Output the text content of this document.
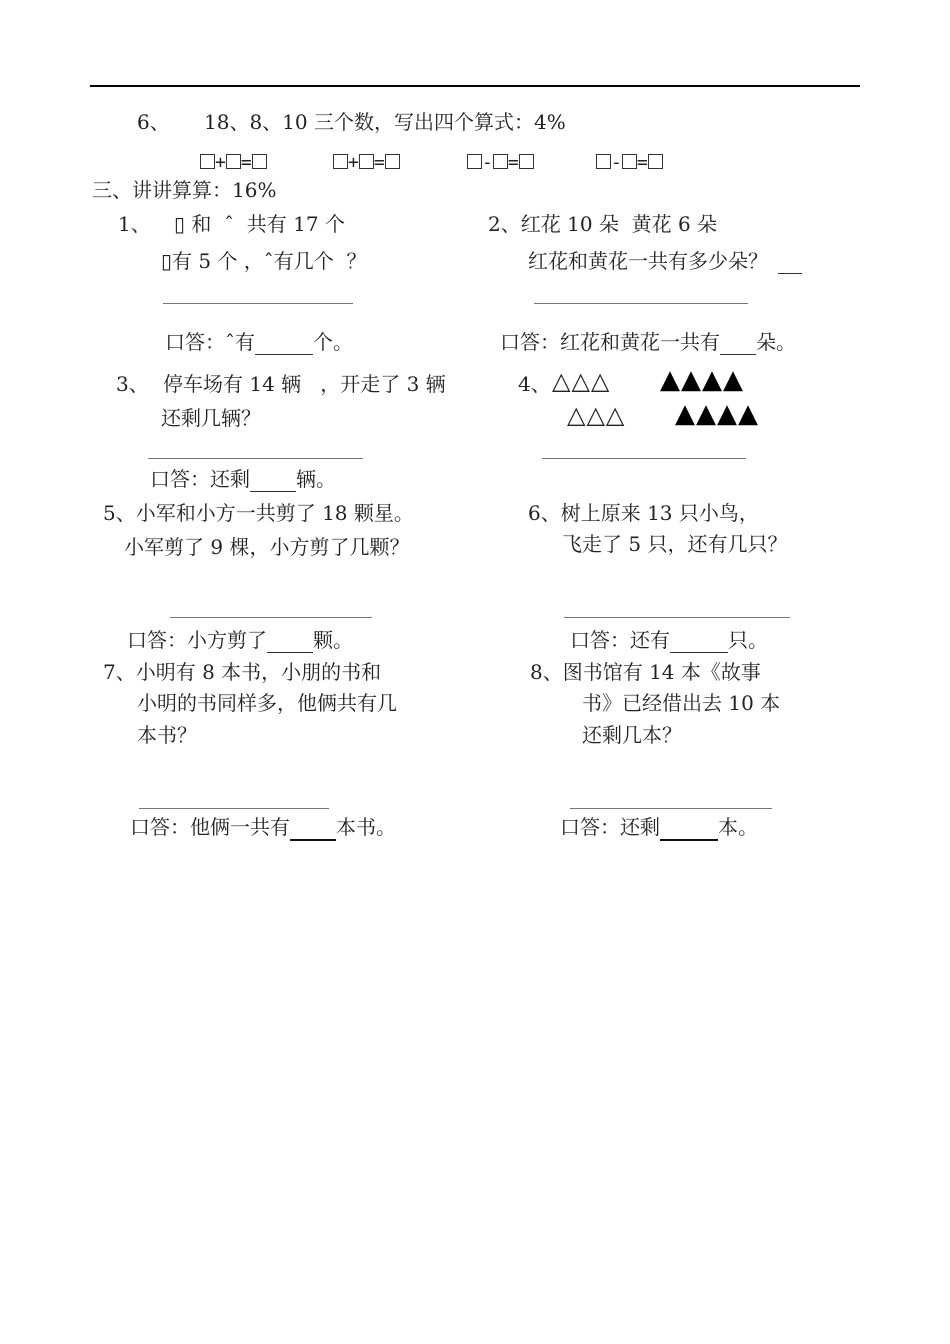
6、 18、8、10 三个数，写出四个算式：4%
+ =	+ =	- =	- =
三、讲讲算算：16%
1、 ▯ 和  ˆ  共有 17 个
▯有 5 个 ，ˆ有几个  ？
口答：ˆ有	个。
2、红花 10 朵  黄花 6 朵
红花和黄花一共有多少朵？
口答：红花和黄花一共有 朵。
3、 停车场有 14 辆   ，开走了 3 辆
还剩几辆？
口答：还剩 辆。
4、 △△△ ▲▲▲▲
△△△ ▲▲▲▲
5、小军和小方一共剪了 18 颗星。
小军剪了 9 棵，小方剪了几颗？
口答：小方剪了 颗。
6、树上原来 13 只小鸟，
飞走了 5 只，还有几只？
口答：还有	只。
7、小明有 8 本书，小朋的书和
小明的书同样多，他俩共有几
本书？
口答：他俩一共有 本书。
8、图书馆有 14 本《故事
书》已经借出去 10 本
还剩几本？
口答：还剩	本。
